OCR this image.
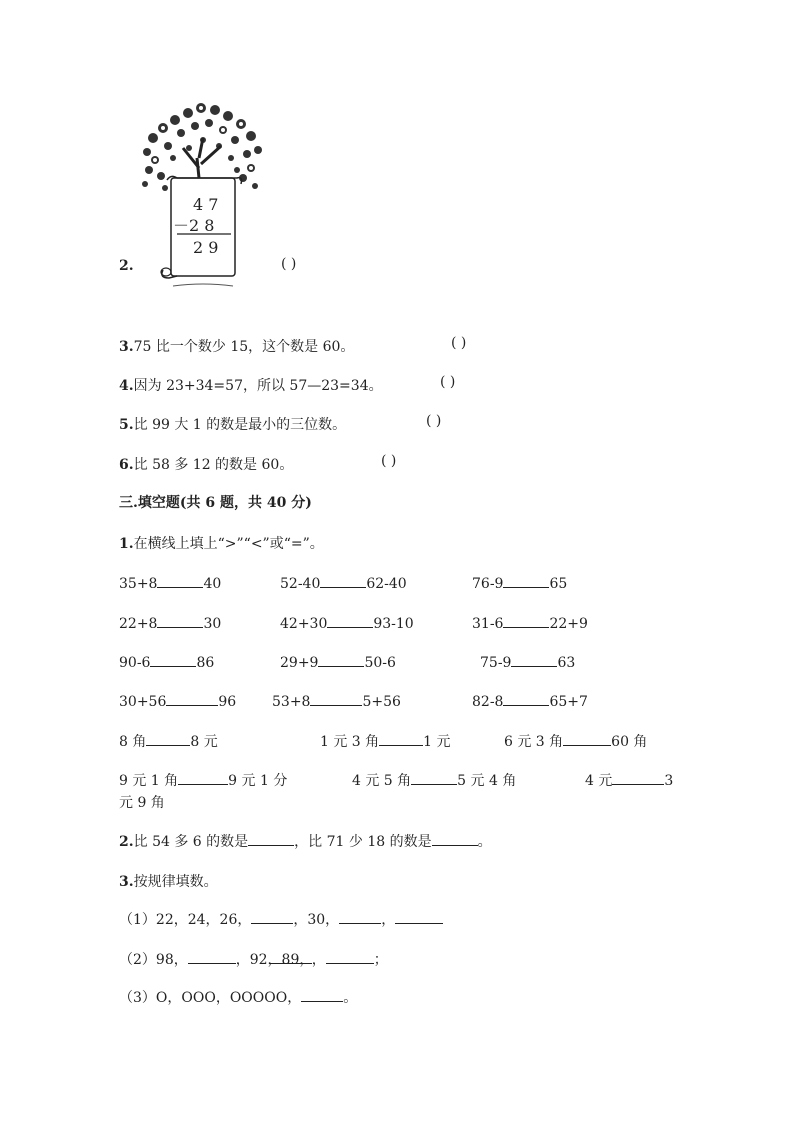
4 7
－2 8
2 9
2.	( )
3.75 比一个数少 15，这个数是 60。	( )
4.因为 23+34=57，所以 57—23=34。	( )
5.比 99 大 1 的数是最小的三位数。	( )
6.比 58 多 12 的数是 60。	( )
三.填空题(共 6 题，共 40 分)
1.在横线上填上“>”“<”或“=”。
35+8	40	52-40	62-40	76-9	65
22+8	30	42+30	93-10	31-6	22+9
90-6	86	29+9	50-6	75-9	63
30+56	96	53+8	5+56	82-8	65+7
8 角	8 元	1 元 3 角	1 元	6 元 3 角	60 角
9 元 1 角	9 元 1 分	4 元 5 角	5 元 4 角	4 元	3
元 9 角
2.比 54 多 6 的数是	，比 71 少 18 的数是	。
3.按规律填数。
（1）22，24，26，	，30，	，
（2）98，	，92，89，，	；
（3）O，OOO，OOOOO，	。
